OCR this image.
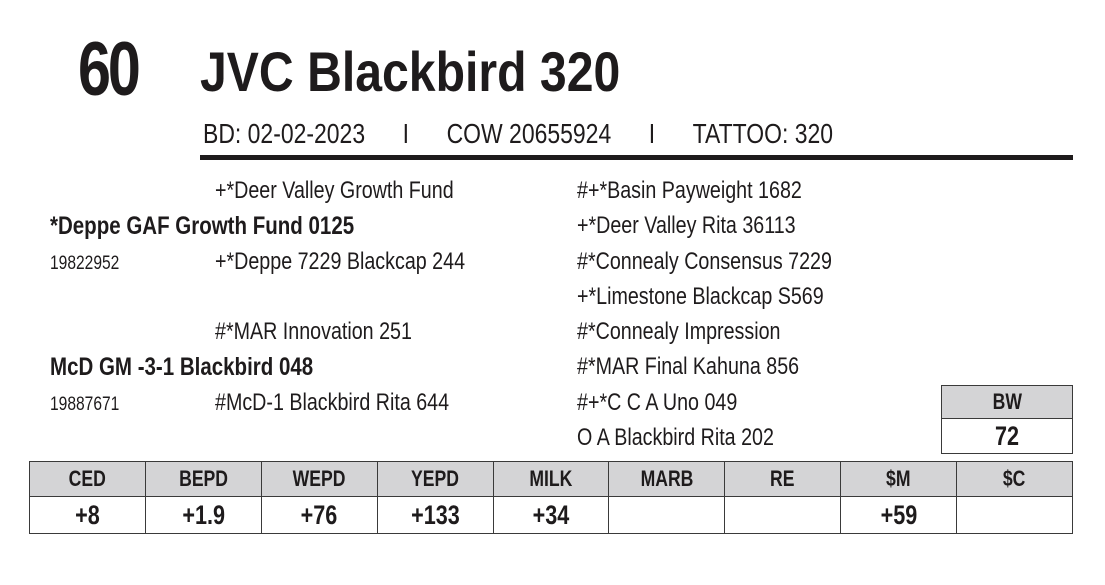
60 JVC Blackbird 320
BD: 02-02-2023 I COW 20655924 I TATTOO: 320
*Deppe GAF Growth Fund 0125
19822952
McD GM -3-1 Blackbird 048
19887671
+*Deer Valley Growth Fund
+*Deppe 7229 Blackcap 244
#*MAR Innovation 251
#McD-1 Blackbird Rita 644
#+*Basin Payweight 1682
+*Deer Valley Rita 36113
#*Connealy Consensus 7229
+*Limestone Blackcap S569
#*Connealy Impression
#*MAR Final Kahuna 856
#+*C C A Uno 049
O A Blackbird Rita 202
BW
72
CED	BEPD	WEPD	YEPD	MILK	MARB	RE	$M	$C
+8	+1.9	+76	+133	+34			+59	
